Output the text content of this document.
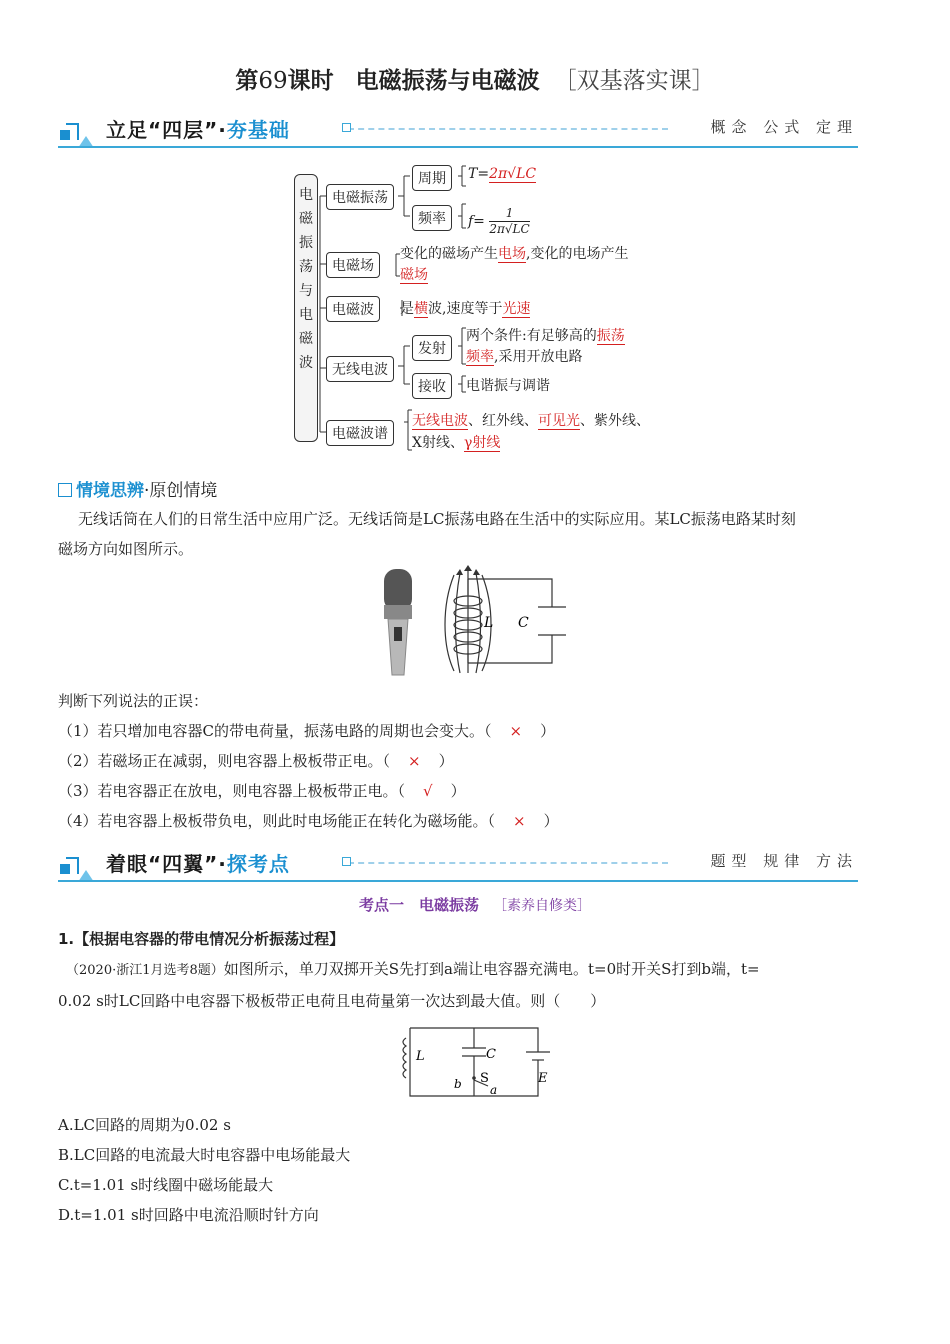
第69课时 电磁振荡与电磁波 ［双基落实课］
立足“四层”·夯基础	概念 公式 定理
电磁振荡与电磁波
电磁振荡
周期	T=2π√LC
频率	$f= \frac{1}{2\pi√LC}$
电磁场
变化的磁场产生电场,变化的电场产生
磁场
电磁波	是横波,速度等于光速
无线电波
发射
两个条件:有足够高的振荡
频率,采用开放电路
接收	电谐振与调谐
电磁波谱
无线电波、红外线、可见光、紫外线、
X射线、γ射线
情境思辨·原创情境
无线话筒在人们的日常生活中应用广泛。无线话筒是LC振荡电路在生活中的实际应用。某LC振荡电路某时刻
磁场方向如图所示。
L C
判断下列说法的正误：
（1）若只增加电容器C的带电荷量，振荡电路的周期也会变大。（ × ）
（2）若磁场正在减弱，则电容器上极板带正电。（ × ）
（3）若电容器正在放电，则电容器上极板带正电。（ √ ）
（4）若电容器上极板带负电，则此时电场能正在转化为磁场能。（ × ）
着眼“四翼”·探考点	题型 规律 方法
考点一　电磁振荡 ［素养自修类］
1.【根据电容器的带电情况分析振荡过程】
（2020·浙江1月选考8题）如图所示，单刀双掷开关S先打到a端让电容器充满电。t=0时开关S打到b端，t=
0.02 s时LC回路中电容器下极板带正电荷且电荷量第一次达到最大值。则（　　）
L	C
S	E
a
b
A.LC回路的周期为0.02 s
B.LC回路的电流最大时电容器中电场能最大
C.t=1.01 s时线圈中磁场能最大
D.t=1.01 s时回路中电流沿顺时针方向
